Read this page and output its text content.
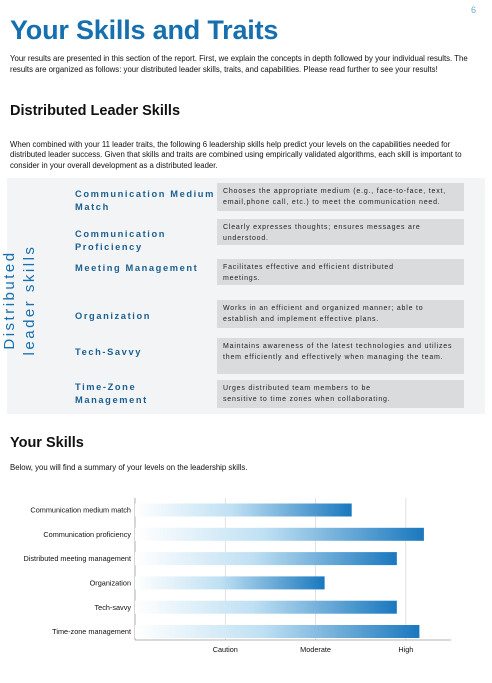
6
Your Skills and Traits

Your results are presented in this section of the report. First, we explain the concepts in depth followed by your individual results. The results are organized as follows: your distributed leader skills, traits, and capabilities. Please read further to see your results!

Distributed Leader Skills

When combined with your 11 leader traits, the following 6 leadership skills help predict your levels on the capabilities needed for distributed leader success. Given that skills and traits are combined using empirically validated algorithms, each skill is important to consider in your overall development as a distributed leader.

Distributed leader skills
Communication Medium Match
Chooses the appropriate medium (e.g., face-to-face, text, email,phone call, etc.) to meet the communication need.
Communication Proficiency
Clearly expresses thoughts; ensures messages are understood.
Meeting Management	Facilitates effective and efficient distributed meetings.
Organization
Works in an efficient and organized manner; able to establish and implement effective plans.
Tech-Savvy
Maintains awareness of the latest technologies and utilizes them efficiently and effectively when managing the team.
Time-Zone Management
Urges distributed team members to be sensitive to time zones when collaborating.
Your Skills

Below, you will find a summary of your levels on the leadership skills.

Communication medium match
Communication proficiency
Distributed meeting management
Organization
Tech-savvy
Time-zone management
Caution	Moderate	High
